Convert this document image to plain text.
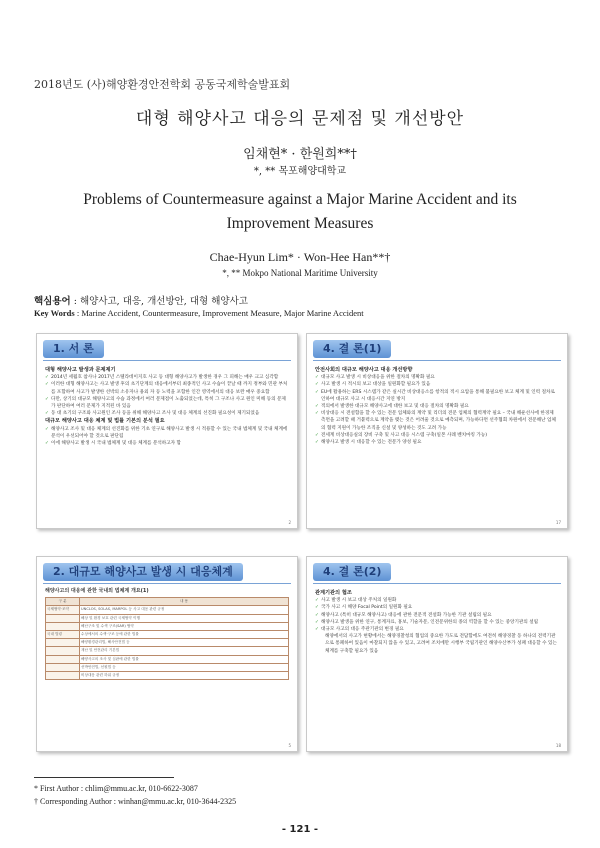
2018년도 (사)해양환경안전학회 공동국제학술발표회
대형 해양사고 대응의 문제점 및 개선방안
임채현* · 한원희**†
*, ** 목포해양대학교
Problems of Countermeasure against a Major Marine Accident and its Improvement Measures
Chae-Hyun Lim* · Won-Hee Han**†
*, ** Mokpo National Maritime University
핵심용어 : 해양사고, 대응, 개선방안, 대형 해양사고
Key Words : Marine Accident, Countermeasure, Improvement Measure, Major Marine Accident
1. 서 론
대형 해양사고 발생과 문제제기
✓ 2014년 세월호 참사나 2017년 스텔라데이지호 사고 등 대형 해양사고가 발생한 경우 그 피해는 매우 크고 심각함
✓ 이러한 대형 해양사고는 사고 발생 후의 초기단계의 대응에서부터 최종적인 사고 수습이 끝날 때 까지 정부와 민관 부처를 포함하여 사고가 발생한 선박의 소유자나 용외 자 등 노력을 포함한 인간 영역에서의 대응 보완 매우 중요함
✓ 다만, 상기의 대규모 해양사고의 수습 과정에서 여러 문제점이 노출되었는데, 특히 그 구조나 사고 원인 미해 등의 문제가 판단하여 여러 문제가 지적된 바 있음
✓ 동 대 초기의 구조와 사고원인 조사 등을 위해 해양사고 조사 및 대응 체계의 선진화 필요성이 제기되었음
대규모 해양사고 대응 체계 및 법률 기본의 분석 필요
✓ 해양사고 조사 및 대응 체계의 선진화를 위한 기초 연구로 해양사고 발생 시 적용할 수 있는 국내 법체계 및 국내 체계에 분석이 우선되어야 할 것으로 판단됨
✓ 이에 해양사고 발생 시 국내 법체계 및 대응 체계를 분석하고자 함
2
4. 결 론(1)
안전사회의 대규모 해양사고 대응 개선방향
✓ 대규모 사고 발생 시 비상대응을 위한 절차의 명확화 필요
✓ 사고 발생 시 적시의 보고 대상을 일원화할 필요가 있음
✓ EU에 활용하는 ERS 시스템가 같은 실시간 비상대응소를 항적의 적시 요압을 통해 불필요한 보고 체계 및 인력 절차로 인하여 대규모 사고 시 대응시간 지연 방지
✓ 적의에서 발생한 대규모 해양사고에 대한 보고 및 대응 절차의 명확화 필요
✓ 비상대응 시 전설함을 할 수 있는 전문 업체와의 계약 및 리더의 전문 업체의 협력계약 필요 – 국내 해운선사에 한경제 측면을 고려할 때 거붙력으로 계약을 맺는 것은 어려울 것으로 예측되며, 가능하다면 선주협회 차원에서 전문해난 업체의 협력 지원이 가능한 조직을 신설 및 양성하는 것도 고려 가능
✓ 전세계 비상대응실의 장비 구축 및 사고 대응 시스템 구축(일본 사례 벤치마킹 가능)
✓ 해양사고 발생 시 대응할 수 있는 전문가 양성 필요
17
2. 대규모 해양사고 발생 시 대응체계
해양사고의 대응에 관한 국내외 법체계 개요(1)
구 분	내 용
국제협약·조약	UNCLOS, SOLAS, MARPOL 등 사고 대응 관련 규정
	해상 및 환경 보호 관련 국제협약 이행
	해난구조 및 수색 구조(SAR) 협약
국내 법령	수상에서의 수색·구조 등에 관한 법률
	해양환경관리법, 해사안전법 등
	재난 및 안전관리 기본법
	해양사고의 조사 및 심판에 관한 법률
	선박안전법, 선원법 등
	비상대응 관련 하위 규정
5
4. 결 론(2)
관계기관의 협조
✓ 사고 발생 시 보고 대상 주처의 일원화
✓ 국가 사고 시 해양 Focal Point의 일원화 필요
✓ 해양사고 (특히 대규모 해양사고) 대응에 관한 전문적 전설화 가능한 기관 설립의 필요
✓ 해양사고 발생을 위한 연구, 통계자료, 홍보, 기술자문, 인전문위한의 종의 역할을 할 수 있는 중앙기관의 설립
✓ 대규모 사고의 대응 주관기관의 변경 필요
해양에서의 사고가 현황에서는 해양경찰청의 협업의 중요한 가도로 전담함에도 여전히 해양경찰 동 하나의 전력기관으로 통폐하여 있음이 마찰되지 않을 수 있고, 고려여 조치에만 시행부 국립기관인 해양수산부가 성패 대응할 수 있는 체계를 구축할 필요가 있음
18
* First Author : chlim@mmu.ac.kr, 010-6622-3087
† Corresponding Author : winhan@mmu.ac.kr, 010-3644-2325
- 121 -
